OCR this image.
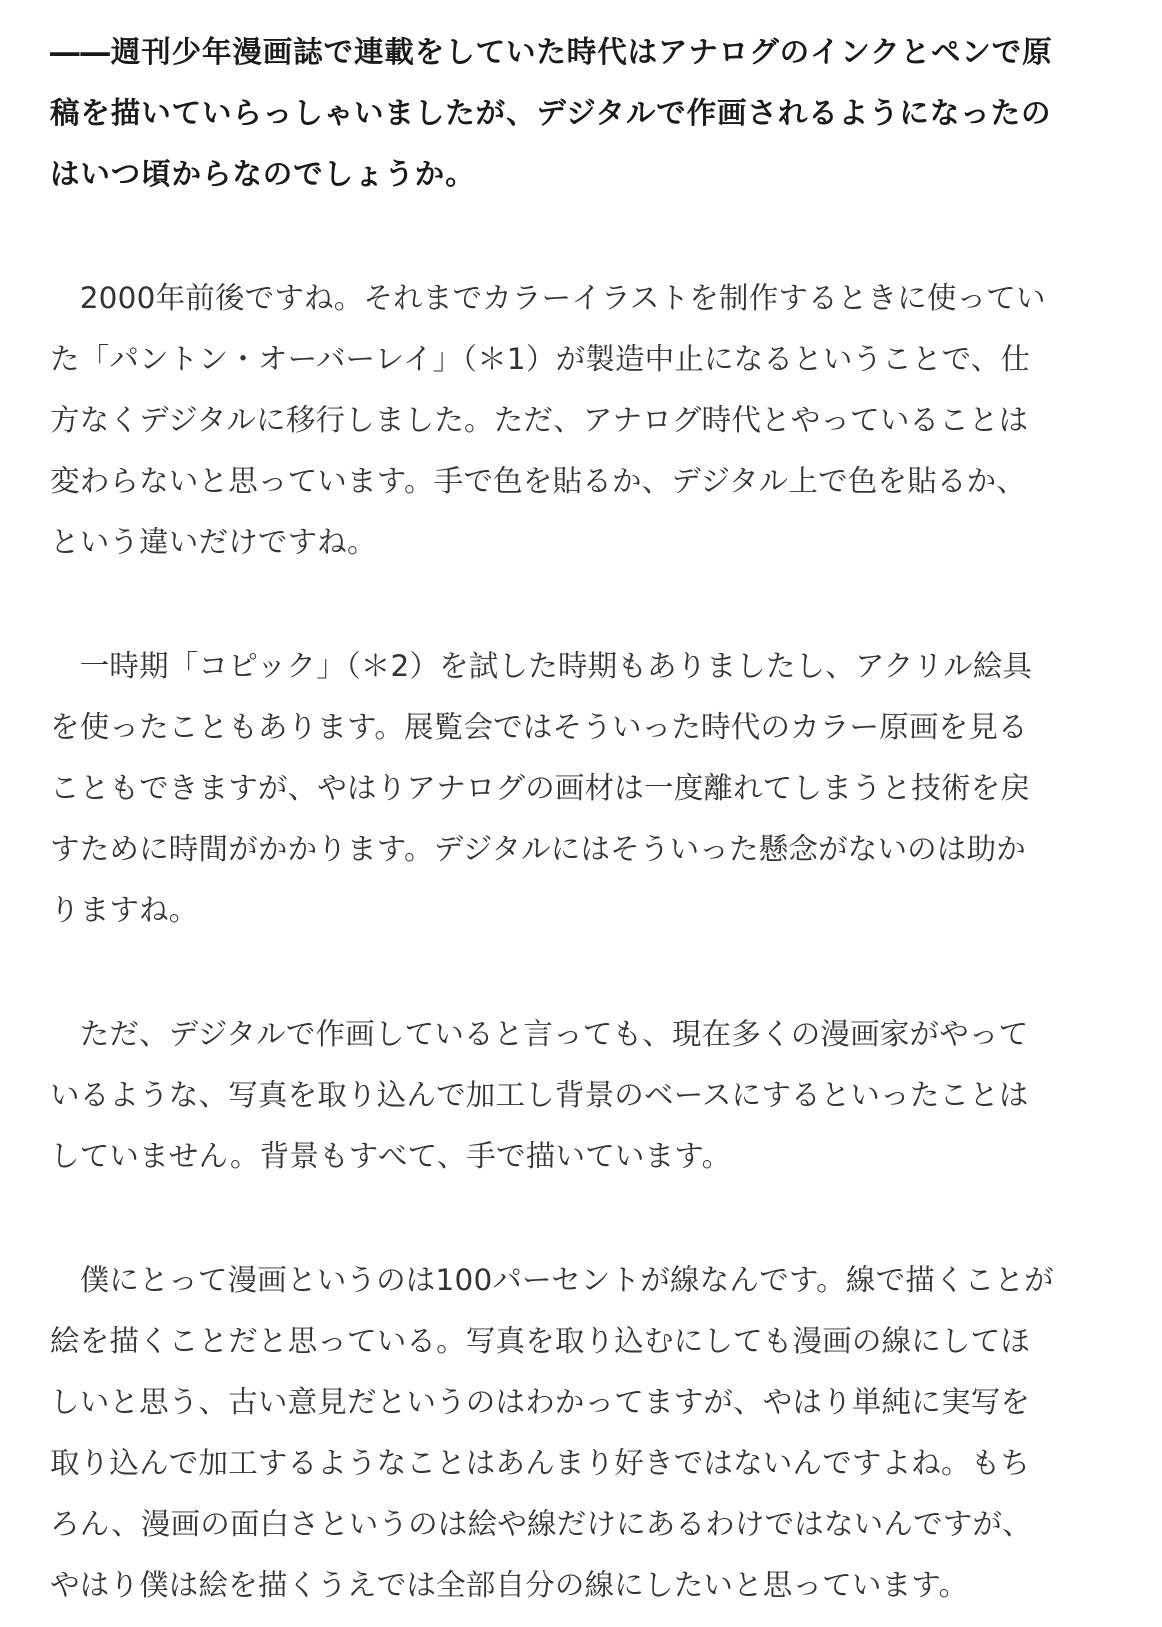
――週刊少年漫画誌で連載をしていた時代はアナログのインクとペンで原
稿を描いていらっしゃいましたが、デジタルで作画されるようになったの
はいつ頃からなのでしょうか。
　2000年前後ですね。それまでカラーイラストを制作するときに使ってい
た「パントン・オーバーレイ」（＊1）が製造中止になるということで、仕
方なくデジタルに移行しました。ただ、アナログ時代とやっていることは
変わらないと思っています。手で色を貼るか、デジタル上で色を貼るか、
という違いだけですね。
　一時期「コピック」（＊2）を試した時期もありましたし、アクリル絵具
を使ったこともあります。展覧会ではそういった時代のカラー原画を見る
こともできますが、やはりアナログの画材は一度離れてしまうと技術を戻
すために時間がかかります。デジタルにはそういった懸念がないのは助か
りますね。
　ただ、デジタルで作画していると言っても、現在多くの漫画家がやって
いるような、写真を取り込んで加工し背景のベースにするといったことは
していません。背景もすべて、手で描いています。
　僕にとって漫画というのは100パーセントが線なんです。線で描くことが
絵を描くことだと思っている。写真を取り込むにしても漫画の線にしてほ
しいと思う、古い意見だというのはわかってますが、やはり単純に実写を
取り込んで加工するようなことはあんまり好きではないんですよね。もち
ろん、漫画の面白さというのは絵や線だけにあるわけではないんですが、
やはり僕は絵を描くうえでは全部自分の線にしたいと思っています。
